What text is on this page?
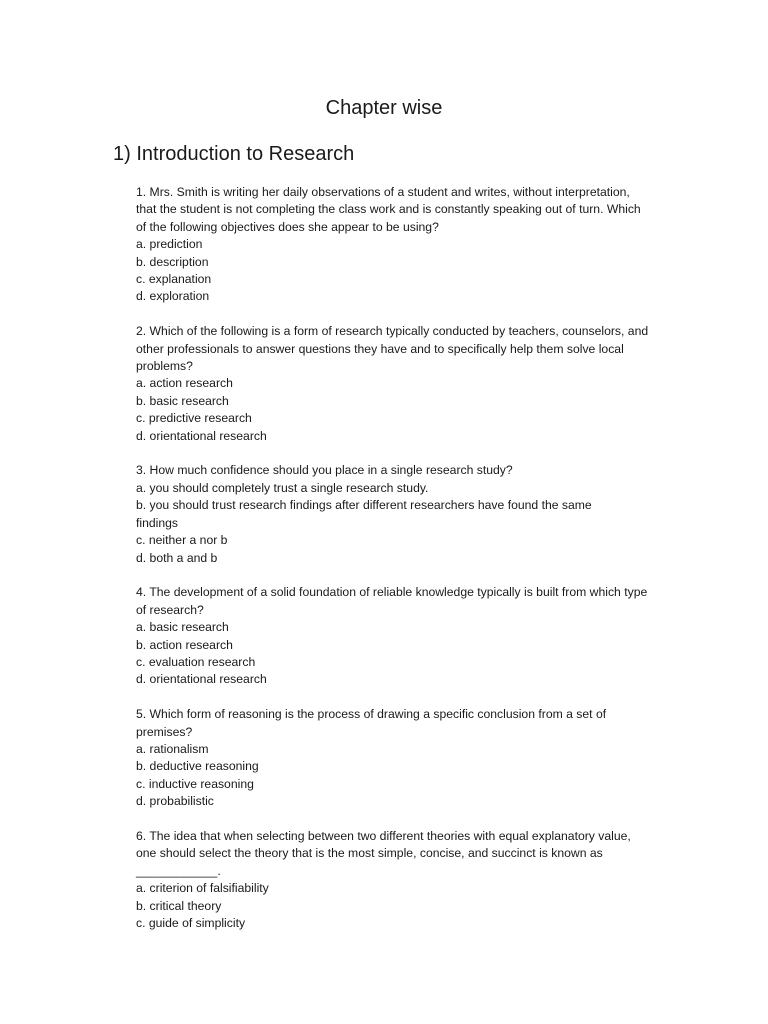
Chapter wise
1) Introduction to Research

1. Mrs. Smith is writing her daily observations of a student and writes, without interpretation,
that the student is not completing the class work and is constantly speaking out of turn. Which
of the following objectives does she appear to be using?

a. prediction

b. description

c. explanation

d. exploration

2. Which of the following is a form of research typically conducted by teachers, counselors, and
other professionals to answer questions they have and to specifically help them solve local
problems?

a. action research

b. basic research

c. predictive research

d. orientational research

3. How much confidence should you place in a single research study?

a. you should completely trust a single research study.

b. you should trust research findings after different researchers have found the same
findings

c. neither a nor b

d. both a and b

4. The development of a solid foundation of reliable knowledge typically is built from which type
of research?

a. basic research

b. action research

c. evaluation research

d. orientational research

5. Which form of reasoning is the process of drawing a specific conclusion from a set of
premises?

a. rationalism

b. deductive reasoning

c. inductive reasoning

d. probabilistic

6. The idea that when selecting between two different theories with equal explanatory value,
one should select the theory that is the most simple, concise, and succinct is known as
____________.

a. criterion of falsifiability

b. critical theory

c. guide of simplicity
